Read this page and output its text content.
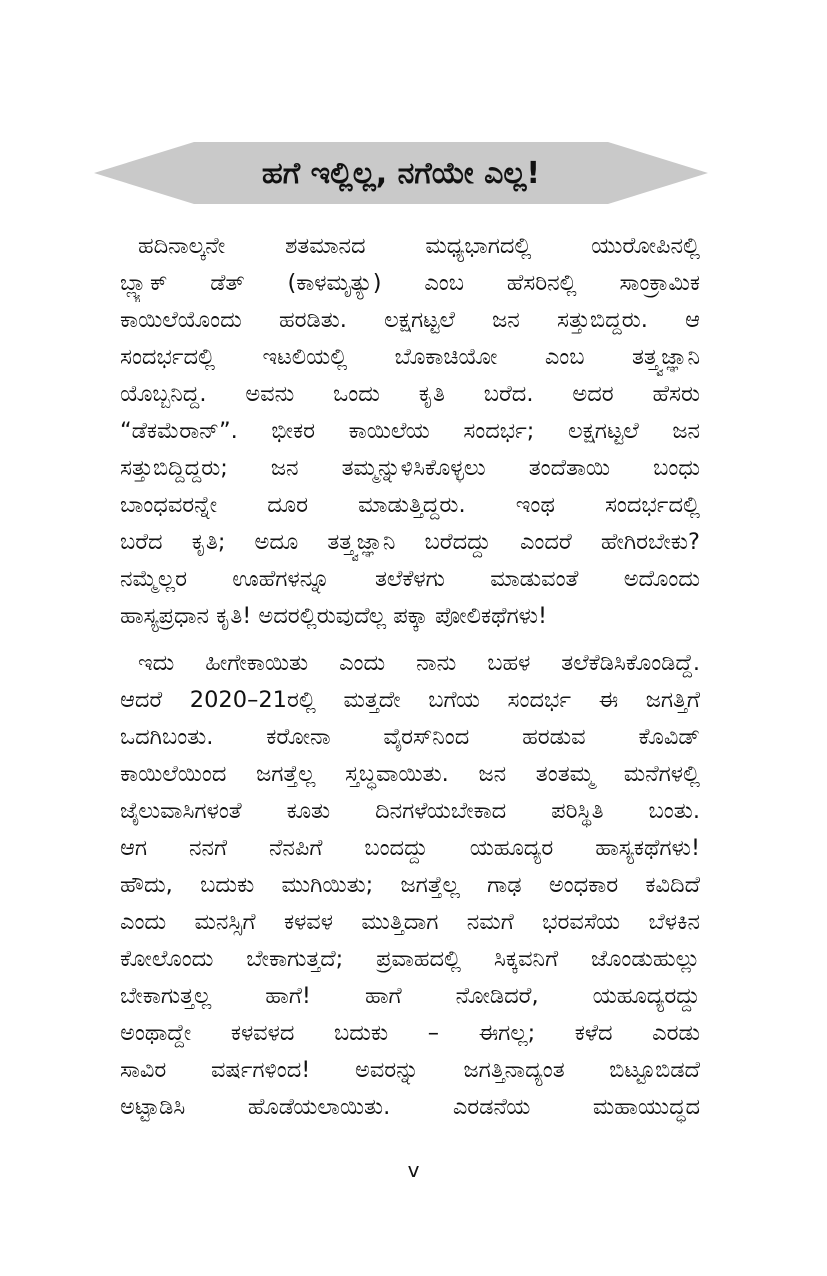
ಹಗೆ ಇಲ್ಲಿಲ್ಲ, ನಗೆಯೇ ಎಲ್ಲ!
ಹದಿನಾಲ್ಕನೇ ಶತಮಾನದ ಮಧ್ಯಭಾಗದಲ್ಲಿ ಯುರೋಪಿನಲ್ಲಿ
ಬ್ಲ್ಯಾಕ್ ಡೆತ್ (ಕಾಳಮೃತ್ಯು) ಎಂಬ ಹೆಸರಿನಲ್ಲಿ ಸಾಂಕ್ರಾಮಿಕ
ಕಾಯಿಲೆಯೊಂದು ಹರಡಿತು. ಲಕ್ಷಗಟ್ಟಲೆ ಜನ ಸತ್ತುಬಿದ್ದರು. ಆ
ಸಂದರ್ಭದಲ್ಲಿ ಇಟಲಿಯಲ್ಲಿ ಬೊಕಾಚಿಯೋ ಎಂಬ ತತ್ತ್ವಜ್ಞಾನಿ
ಯೊಬ್ಬನಿದ್ದ. ಅವನು ಒಂದು ಕೃತಿ ಬರೆದ. ಅದರ ಹೆಸರು
“ಡೆಕಮೆರಾನ್”. ಭೀಕರ ಕಾಯಿಲೆಯ ಸಂದರ್ಭ; ಲಕ್ಷಗಟ್ಟಲೆ ಜನ
ಸತ್ತುಬಿದ್ದಿದ್ದರು; ಜನ ತಮ್ಮನ್ನುಳಿಸಿಕೊಳ್ಳಲು ತಂದೆತಾಯಿ ಬಂಧು
ಬಾಂಧವರನ್ನೇ ದೂರ ಮಾಡುತ್ತಿದ್ದರು. ಇಂಥ ಸಂದರ್ಭದಲ್ಲಿ
ಬರೆದ ಕೃತಿ; ಅದೂ ತತ್ತ್ವಜ್ಞಾನಿ ಬರೆದದ್ದು ಎಂದರೆ ಹೇಗಿರಬೇಕು?
ನಮ್ಮೆಲ್ಲರ ಊಹೆಗಳನ್ನೂ ತಲೆಕೆಳಗು ಮಾಡುವಂತೆ ಅದೊಂದು
ಹಾಸ್ಯಪ್ರಧಾನ ಕೃತಿ! ಅದರಲ್ಲಿರುವುದೆಲ್ಲ ಪಕ್ಕಾ ಪೋಲಿಕಥೆಗಳು!
ಇದು ಹೀಗೇಕಾಯಿತು ಎಂದು ನಾನು ಬಹಳ ತಲೆಕೆಡಿಸಿಕೊಂಡಿದ್ದೆ.
ಆದರೆ 2020–21ರಲ್ಲಿ ಮತ್ತದೇ ಬಗೆಯ ಸಂದರ್ಭ ಈ ಜಗತ್ತಿಗೆ
ಒದಗಿಬಂತು. ಕರೋನಾ ವೈರಸ್‌ನಿಂದ ಹರಡುವ ಕೊವಿಡ್
ಕಾಯಿಲೆಯಿಂದ ಜಗತ್ತೆಲ್ಲ ಸ್ತಬ್ಧವಾಯಿತು. ಜನ ತಂತಮ್ಮ ಮನೆಗಳಲ್ಲಿ
ಜೈಲುವಾಸಿಗಳಂತೆ ಕೂತು ದಿನಗಳೆಯಬೇಕಾದ ಪರಿಸ್ಥಿತಿ ಬಂತು.
ಆಗ ನನಗೆ ನೆನಪಿಗೆ ಬಂದದ್ದು ಯಹೂದ್ಯರ ಹಾಸ್ಯಕಥೆಗಳು!
ಹೌದು, ಬದುಕು ಮುಗಿಯಿತು; ಜಗತ್ತೆಲ್ಲ ಗಾಢ ಅಂಧಕಾರ ಕವಿದಿದೆ
ಎಂದು ಮನಸ್ಸಿಗೆ ಕಳವಳ ಮುತ್ತಿದಾಗ ನಮಗೆ ಭರವಸೆಯ ಬೆಳಕಿನ
ಕೋಲೊಂದು ಬೇಕಾಗುತ್ತದೆ; ಪ್ರವಾಹದಲ್ಲಿ ಸಿಕ್ಕವನಿಗೆ ಜೊಂಡುಹುಲ್ಲು
ಬೇಕಾಗುತ್ತಲ್ಲ ಹಾಗೆ! ಹಾಗೆ ನೋಡಿದರೆ, ಯಹೂದ್ಯರದ್ದು
ಅಂಥಾದ್ದೇ ಕಳವಳದ ಬದುಕು – ಈಗಲ್ಲ; ಕಳೆದ ಎರಡು
ಸಾವಿರ ವರ್ಷಗಳಿಂದ! ಅವರನ್ನು ಜಗತ್ತಿನಾದ್ಯಂತ ಬಿಟ್ಟೂಬಿಡದೆ
ಅಟ್ಟಾಡಿಸಿ ಹೊಡೆಯಲಾಯಿತು. ಎರಡನೆಯ ಮಹಾಯುದ್ಧದ
v
